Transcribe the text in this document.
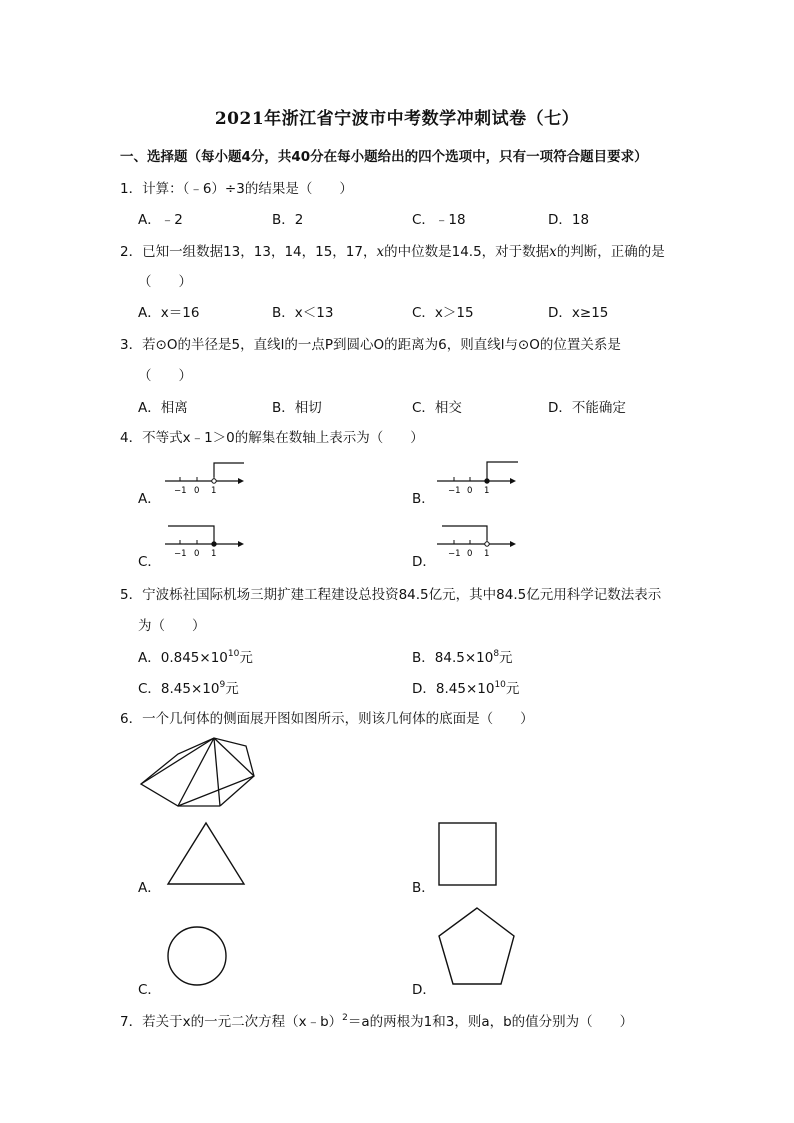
2021年浙江省宁波市中考数学冲刺试卷（七）
一、选择题（每小题4分，共40分在每小题给出的四个选项中，只有一项符合题目要求）
1．计算：（﹣6）÷3的结果是（　　）
A．﹣2	B．2	C．﹣18	D．18
2．已知一组数据13，13，14，15，17，x的中位数是14.5，对于数据x的判断，正确的是
（　　）
A．x＝16	B．x＜13	C．x＞15	D．x≥15
3．若⊙O的半径是5，直线l的一点P到圆心O的距离为6，则直线l与⊙O的位置关系是
（　　）
A．相离	B．相切	C．相交	D．不能确定
4．不等式x﹣1＞0的解集在数轴上表示为（　　）
A． −1 0 1	B． −1 0 1
C． −1 0 1	D． −1 0 1
5．宁波栎社国际机场三期扩建工程建设总投资84.5亿元，其中84.5亿元用科学记数法表示
为（　　）
A．$0.845\times 10^{10}$元	B．$84.5\times 10^8$元
C．$8.45\times 10^9$元	D．$8.45\times 10^{10}$元
6．一个几何体的侧面展开图如图所示，则该几何体的底面是（　　）
A．	B．
C．	D．
7．若关于x的一元二次方程（x﹣b）$^2$＝a的两根为1和3，则a，b的值分别为（　　）
